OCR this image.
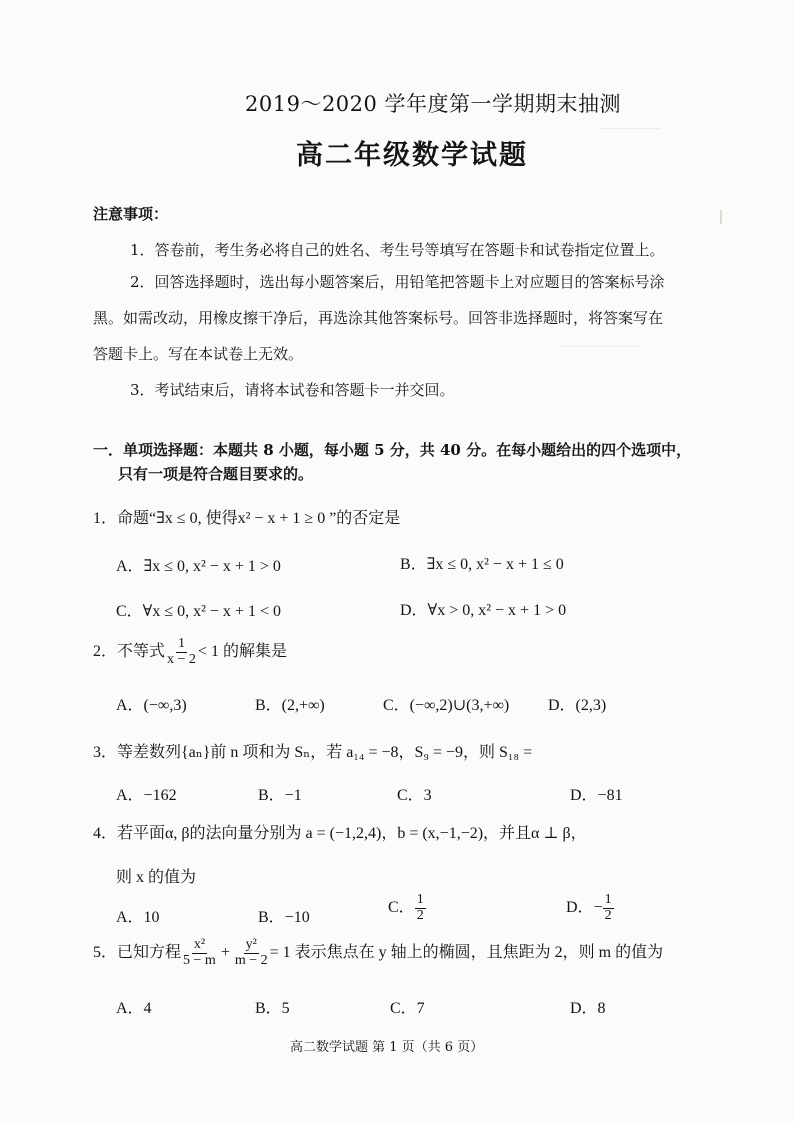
2019～2020 学年度第一学期期末抽测
高二年级数学试题
注意事项：
1．答卷前，考生务必将自己的姓名、考生号等填写在答题卡和试卷指定位置上。
2．回答选择题时，选出每小题答案后，用铅笔把答题卡上对应题目的答案标号涂
黑。如需改动，用橡皮擦干净后，再选涂其他答案标号。回答非选择题时，将答案写在
答题卡上。写在本试卷上无效。
3．考试结束后，请将本试卷和答题卡一并交回。
一．单项选择题：本题共 8 小题，每小题 5 分，共 40 分。在每小题给出的四个选项中，
只有一项是符合题目要求的。
1．命题“∃x ≤ 0, 使得x² − x + 1 ≥ 0 ”的否定是
A．∃x ≤ 0, x² − x + 1 > 0	B．∃x ≤ 0, x² − x + 1 ≤ 0
C．∀x ≤ 0, x² − x + 1 < 0	D．∀x > 0, x² − x + 1 > 0
2．不等式 $\frac{1}{x - 2} < 1$ 的解集是
A．(−∞,3)	B．(2,+∞)	C．(−∞,2)∪(3,+∞) D．(2,3)
3．等差数列{aₙ}前 n 项和为 Sₙ，若 a₁₄ = −8，S₉ = −9，则 S₁₈ =
A．−162	B．−1	C．3	D．−81
4．若平面α, β的法向量分别为 a = (−1,2,4)，b = (x,−1,−2)，并且α ⊥ β，
则 x 的值为
A．10	B．−10
C． $\frac{1}{2}$	D．− $\frac{1}{2}$
5．已知方程 $\frac{\text{x²}}{5 - m} + \frac{\text{y²}}{m - 2} = 1$ 表示焦点在 y 轴上的椭圆，且焦距为 2，则 m 的值为
A．4	B．5	C．7	D．8
高二数学试题 第 1 页（共 6 页）
